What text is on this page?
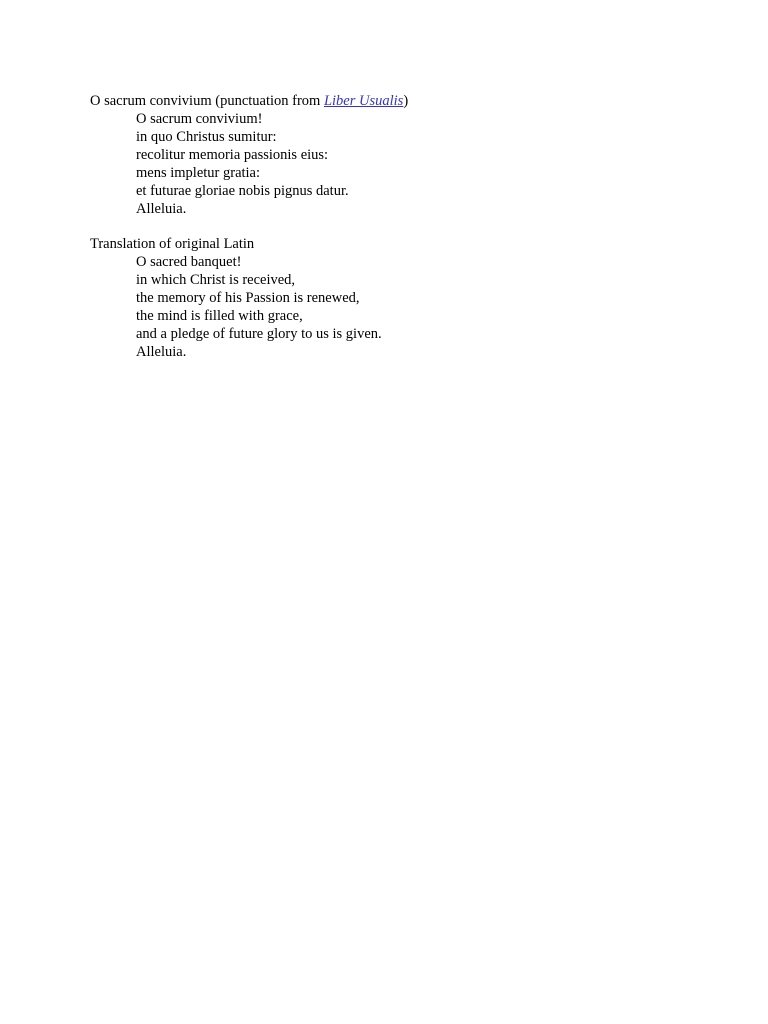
O sacrum convivium (punctuation from Liber Usualis)
O sacrum convivium!
in quo Christus sumitur:
recolitur memoria passionis eius:
mens impletur gratia:
et futurae gloriae nobis pignus datur.
Alleluia.
Translation of original Latin
O sacred banquet!
in which Christ is received,
the memory of his Passion is renewed,
the mind is filled with grace,
and a pledge of future glory to us is given.
Alleluia.
